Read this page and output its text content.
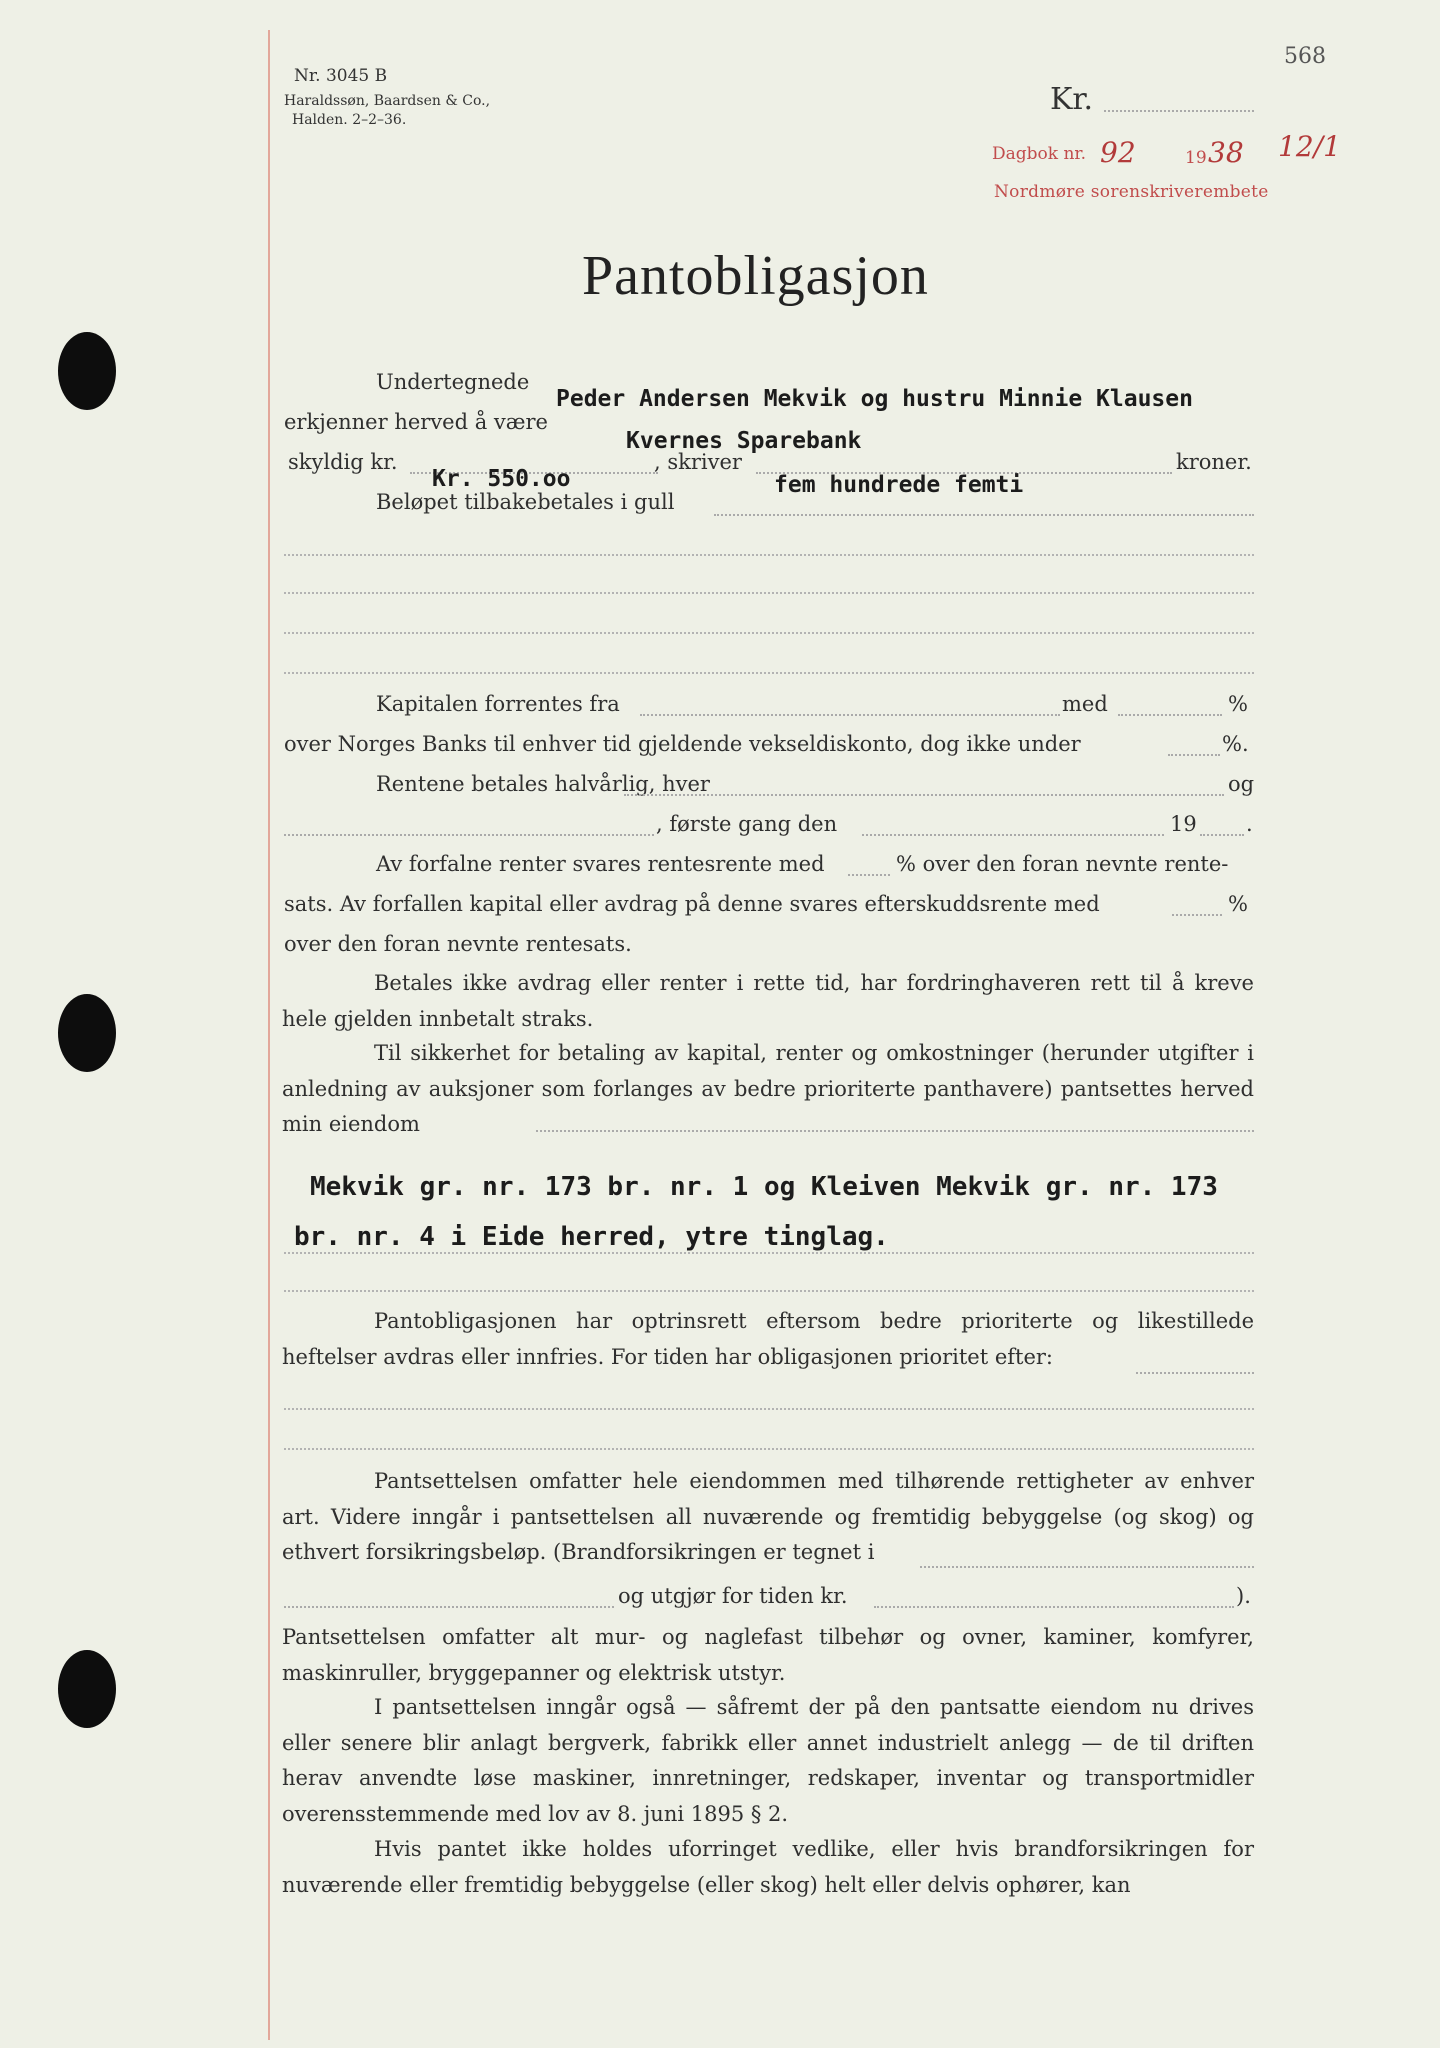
Nr. 3045 B
Haraldssøn, Baardsen & Co.,
Halden. 2–2–36.
568
Kr.
Dagbok nr. 92	19 38 12/1
Nordmøre sorenskriverembete
Pantobligasjon
Undertegnede
Peder Andersen Mekvik og hustru Minnie Klausen
erkjenner herved å være
Kvernes Sparebank
skyldig kr.
Kr. 550.oo
, skriver
fem hundrede femti
kroner.
Beløpet tilbakebetales i gull
Kapitalen forrentes fra	med	%
over Norges Banks til enhver tid gjeldende vekseldiskonto, dog ikke under	%.
Rentene betales halvårlig, hver	og
, første gang den	19 .
Av forfalne renter svares rentesrente med	% over den foran nevnte rente-
sats. Av forfallen kapital eller avdrag på denne svares efterskuddsrente med	%
over den foran nevnte rentesats.

Betales ikke avdrag eller renter i rette tid, har fordringhaveren rett til å kreve hele gjelden innbetalt straks.

Til sikkerhet for betaling av kapital, renter og omkostninger (herunder utgifter i anledning av auksjoner som forlanges av bedre prioriterte panthavere) pantsettes herved min eiendom

Mekvik gr. nr. 173 br. nr. 1 og Kleiven Mekvik gr. nr. 173
br. nr. 4 i Eide herred, ytre tinglag.

Pantobligasjonen har optrinsrett eftersom bedre prioriterte og likestillede heftelser avdras eller innfries. For tiden har obligasjonen prioritet efter:

Pantsettelsen omfatter hele eiendommen med tilhørende rettigheter av enhver art. Videre inngår i pantsettelsen all nuværende og fremtidig bebyggelse (og skog) og ethvert forsikringsbeløp. (Brandforsikringen er tegnet i

og utgjør for tiden kr.	).

Pantsettelsen omfatter alt mur- og naglefast tilbehør og ovner, kaminer, komfyrer, maskinruller, bryggepanner og elektrisk utstyr.

I pantsettelsen inngår også — såfremt der på den pantsatte eiendom nu drives eller senere blir anlagt bergverk, fabrikk eller annet industrielt anlegg — de til driften herav anvendte løse maskiner, innretninger, redskaper, inventar og transportmidler overensstemmende med lov av 8. juni 1895 § 2.

Hvis pantet ikke holdes uforringet vedlike, eller hvis brandforsikringen for nuværende eller fremtidig bebyggelse (eller skog) helt eller delvis ophører, kan
